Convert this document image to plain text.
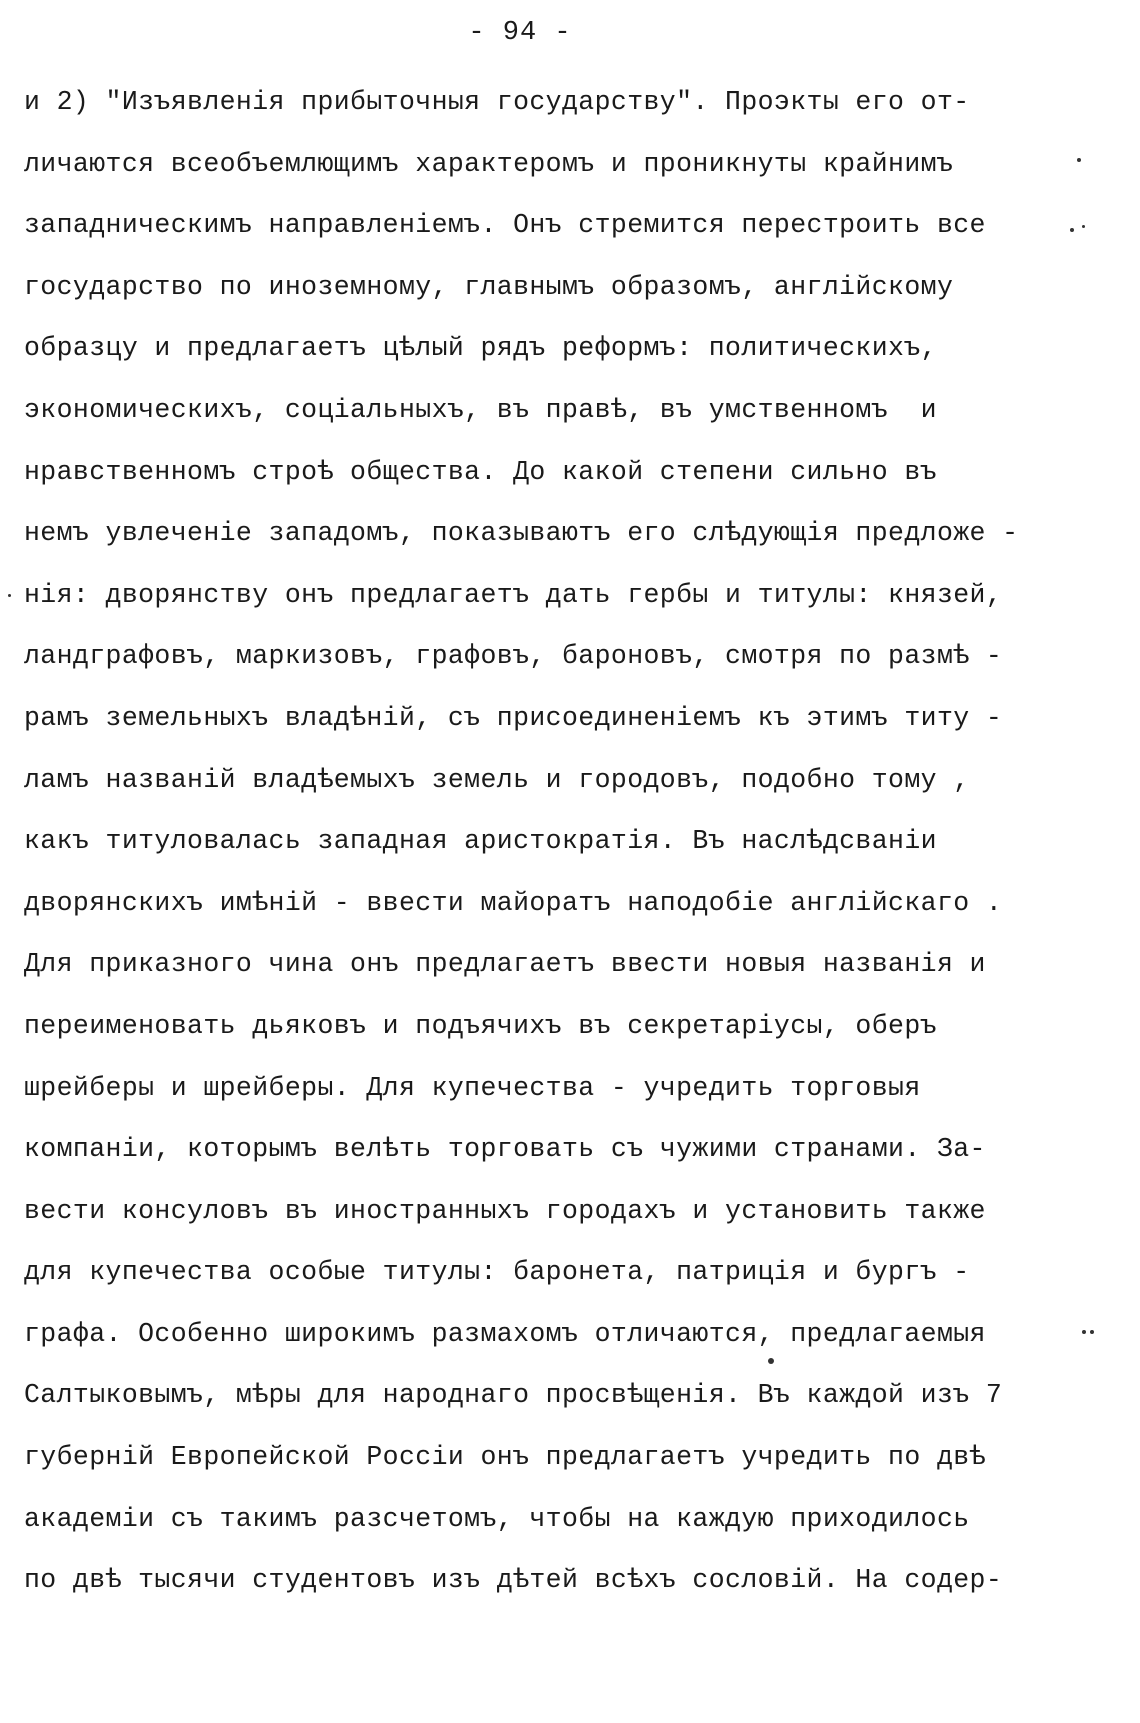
- 94 -
и 2) "Изъявленія прибыточныя государству". Проэкты его от-
личаются всеобъемлющимъ характеромъ и проникнуты крайнимъ
западническимъ направленіемъ. Онъ стремится перестроить все
государство по иноземному, главнымъ образомъ, англійскому
образцу и предлагаетъ цѣлый рядъ реформъ: политическихъ,
экономическихъ, соціальныхъ, въ правѣ, въ умственномъ  и
нравственномъ строѣ общества. До какой степени сильно въ
немъ увлеченіе западомъ, показываютъ его слѣдующія предложе -
нія: дворянству онъ предлагаетъ дать гербы и титулы: князей,
ландграфовъ, маркизовъ, графовъ, бароновъ, смотря по размѣ -
рамъ земельныхъ владѣній, съ присоединеніемъ къ этимъ титу -
ламъ названій владѣемыхъ земель и городовъ, подобно тому ,
какъ титуловалась западная аристократія. Въ наслѣдсваніи
дворянскихъ имѣній - ввести майоратъ наподобіе англійскаго .
Для приказного чина онъ предлагаетъ ввести новыя названія и
переименовать дьяковъ и подъячихъ въ секретаріусы, оберъ
шрейберы и шрейберы. Для купечества - учредить торговыя
компаніи, которымъ велѣть торговать съ чужими странами. За-
вести консуловъ въ иностранныхъ городахъ и установить также
для купечества особые титулы: баронета, патриція и бургъ -
графа. Особенно широкимъ размахомъ отличаются, предлагаемыя
Салтыковымъ, мѣры для народнаго просвѣщенія. Въ каждой изъ 7
губерній Европейской Россіи онъ предлагаетъ учредить по двѣ
академіи съ такимъ разсчетомъ, чтобы на каждую приходилось
по двѣ тысячи студентовъ изъ дѣтей всѣхъ сословій. На содер-
